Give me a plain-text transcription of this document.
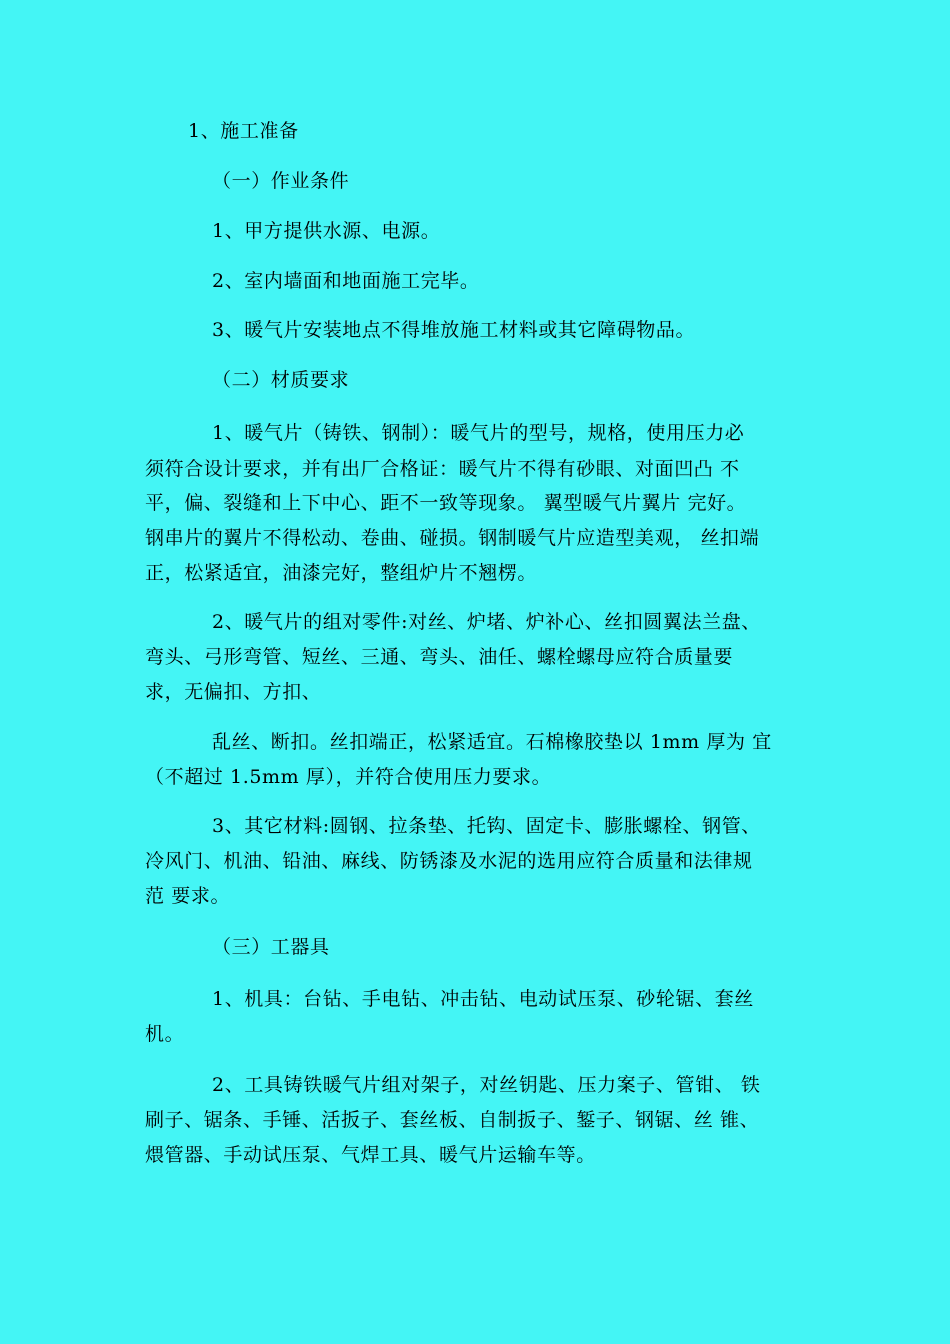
1、施工准备
（一）作业条件
1、甲方提供水源、电源。
2、室内墙面和地面施工完毕。
3、暖气片安装地点不得堆放施工材料或其它障碍物品。
（二）材质要求
1、暖气片（铸铁、钢制）：暖气片的型号，规格，使用压力必
须符合设计要求，并有出厂合格证：暖气片不得有砂眼、对面凹凸 不
平，偏、裂缝和上下中心、距不一致等现象。 翼型暖气片翼片 完好。
钢串片的翼片不得松动、卷曲、碰损。钢制暖气片应造型美观， 丝扣端
正，松紧适宜，油漆完好，整组炉片不翘楞。
2、暖气片的组对零件:对丝、炉堵、炉补心、丝扣圆翼法兰盘、
弯头、弓形弯管、短丝、三通、弯头、油任、螺栓螺母应符合质量要
求，无偏扣、方扣、
乱丝、断扣。丝扣端正，松紧适宜。石棉橡胶垫以 1mm 厚为 宜
（不超过 1.5mm 厚），并符合使用压力要求。
3、其它材料:圆钢、拉条垫、托钩、固定卡、膨胀螺栓、钢管、
冷风门、机油、铅油、麻线、防锈漆及水泥的选用应符合质量和法律规
范 要求。
（三）工器具
1、机具：台钻、手电钻、冲击钻、电动试压泵、砂轮锯、套丝
机。
2、工具铸铁暖气片组对架子，对丝钥匙、压力案子、管钳、 铁
刷子、锯条、手锤、活扳子、套丝板、自制扳子、錾子、钢锯、丝 锥、
煨管器、手动试压泵、气焊工具、暖气片运输车等。
